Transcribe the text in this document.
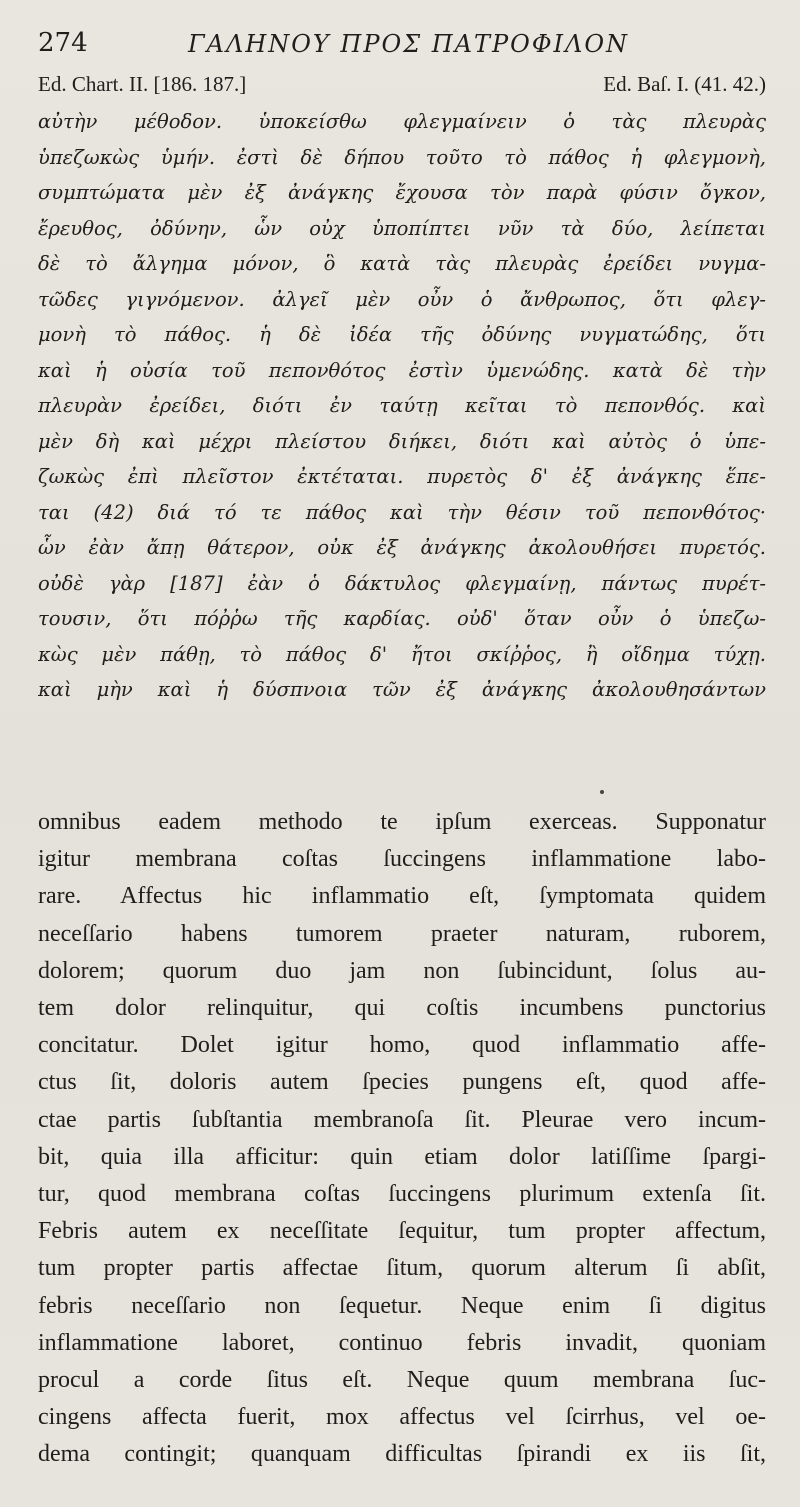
274	ΓΑΛΗΝΟΥ ΠΡΟΣ ΠΑΤΡΟΦΙΛΟΝ
Ed. Chart. II. [186. 187.]	Ed. Baſ. I. (41. 42.)
αὐτὴν μέθοδον. ὑποκείσθω φλεγμαίνειν ὁ τὰς πλευρὰς
ὑπεζωκὼς ὑμήν. ἐστὶ δὲ δήπου τοῦτο τὸ πάθος ἡ φλεγμονὴ,
συμπτώματα μὲν ἐξ ἀνάγκης ἔχουσα τὸν παρὰ φύσιν ὄγκον,
ἔρευθος, ὀδύνην, ὧν οὐχ ὑποπίπτει νῦν τὰ δύο, λείπεται
δὲ τὸ ἄλγημα μόνον, ὃ κατὰ τὰς πλευρὰς ἐρείδει νυγμα-
τῶδες γιγνόμενον. ἀλγεῖ μὲν οὖν ὁ ἄνθρωπος, ὅτι φλεγ-
μονὴ τὸ πάθος. ἡ δὲ ἰδέα τῆς ὀδύνης νυγματώδης, ὅτι
καὶ ἡ οὐσία τοῦ πεπονθότος ἐστὶν ὑμενώδης. κατὰ δὲ τὴν
πλευρὰν ἐρείδει, διότι ἐν ταύτῃ κεῖται τὸ πεπονθός. καὶ
μὲν δὴ καὶ μέχρι πλείστου διήκει, διότι καὶ αὐτὸς ὁ ὑπε-
ζωκὼς ἐπὶ πλεῖστον ἐκτέταται. πυρετὸς δ' ἐξ ἀνάγκης ἕπε-
ται (42) διά τό τε πάθος καὶ τὴν θέσιν τοῦ πεπονθότος·
ὧν ἐὰν ἄπῃ θάτερον, οὐκ ἐξ ἀνάγκης ἀκολουθήσει πυρετός.
οὐδὲ γὰρ [187] ἐὰν ὁ δάκτυλος φλεγμαίνῃ, πάντως πυρέτ-
τουσιν, ὅτι πόῤῥω τῆς καρδίας. οὐδ' ὅταν οὖν ὁ ὑπεζω-
κὼς μὲν πάθῃ, τὸ πάθος δ' ἤτοι σκίῤῥος, ἢ οἴδημα τύχῃ.
καὶ μὴν καὶ ἡ δύσπνοια τῶν ἐξ ἀνάγκης ἀκολουθησάντων
omnibus eadem methodo te ipſum exerceas. Supponatur
igitur membrana coſtas ſuccingens inflammatione labo-
rare. Affectus hic inflammatio eſt, ſymptomata quidem
neceſſario habens tumorem praeter naturam, ruborem,
dolorem; quorum duo jam non ſubincidunt, ſolus au-
tem dolor relinquitur, qui coſtis incumbens punctorius
concitatur. Dolet igitur homo, quod inflammatio affe-
ctus ſit, doloris autem ſpecies pungens eſt, quod affe-
ctae partis ſubſtantia membranoſa ſit. Pleurae vero incum-
bit, quia illa afficitur: quin etiam dolor latiſſime ſpargi-
tur, quod membrana coſtas ſuccingens plurimum extenſa ſit.
Febris autem ex neceſſitate ſequitur, tum propter affectum,
tum propter partis affectae ſitum, quorum alterum ſi abſit,
febris neceſſario non ſequetur. Neque enim ſi digitus
inflammatione laboret, continuo febris invadit, quoniam
procul a corde ſitus eſt. Neque quum membrana ſuc-
cingens affecta fuerit, mox affectus vel ſcirrhus, vel oe-
dema contingit; quanquam difficultas ſpirandi ex iis ſit,
